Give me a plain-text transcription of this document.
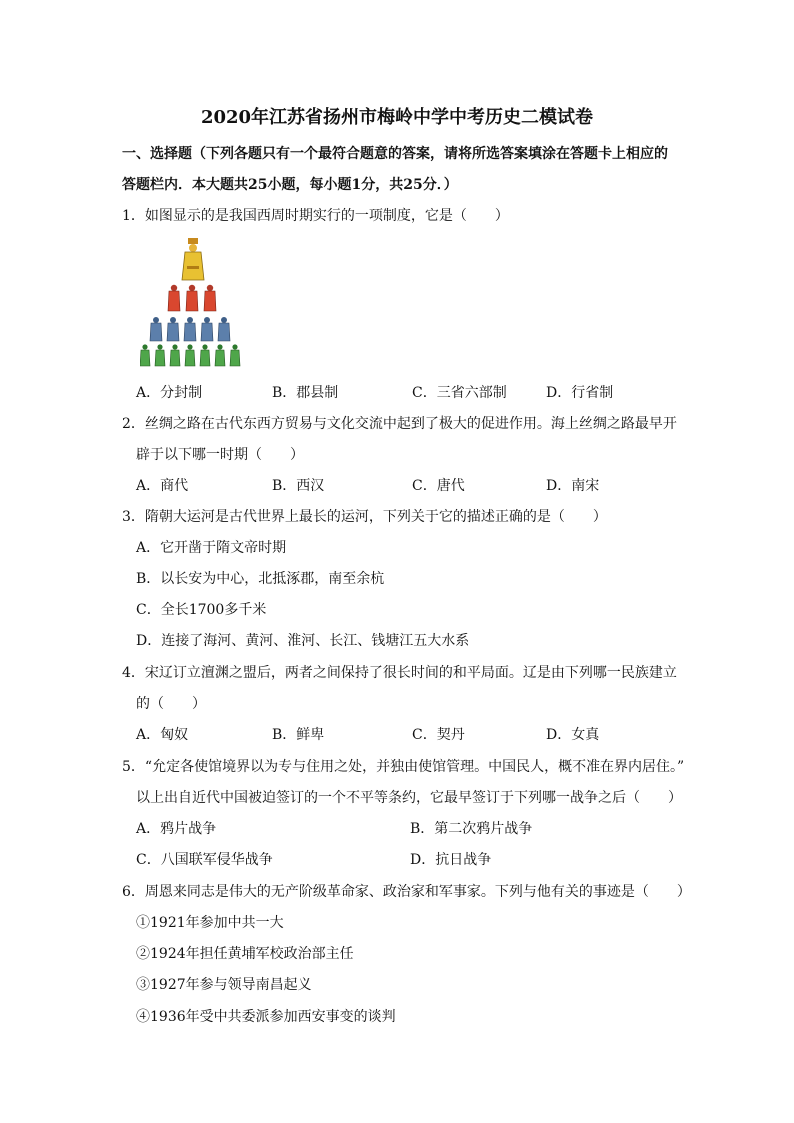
2020年江苏省扬州市梅岭中学中考历史二模试卷
一、选择题（下列各题只有一个最符合题意的答案，请将所选答案填涂在答题卡上相应的
答题栏内．本大题共25小题，每小题1分，共25分．）
1．如图显示的是我国西周时期实行的一项制度，它是（　　）
A．分封制	B．郡县制	C．三省六部制	D．行省制
2．丝绸之路在古代东西方贸易与文化交流中起到了极大的促进作用。海上丝绸之路最早开
辟于以下哪一时期（　　）
A．商代	B．西汉	C．唐代	D．南宋
3．隋朝大运河是古代世界上最长的运河，下列关于它的描述正确的是（　　）
A．它开凿于隋文帝时期
B．以长安为中心，北抵涿郡，南至余杭
C．全长1700多千米
D．连接了海河、黄河、淮河、长江、钱塘江五大水系
4．宋辽订立澶渊之盟后，两者之间保持了很长时间的和平局面。辽是由下列哪一民族建立
的（　　）
A．匈奴	B．鲜卑	C．契丹	D．女真
5．“允定各使馆境界以为专与住用之处，并独由使馆管理。中国民人，概不准在界内居住。”
以上出自近代中国被迫签订的一个不平等条约，它最早签订于下列哪一战争之后（　　）
A．鸦片战争	B．第二次鸦片战争
C．八国联军侵华战争	D．抗日战争
6．周恩来同志是伟大的无产阶级革命家、政治家和军事家。下列与他有关的事迹是（　　）
①1921年参加中共一大
②1924年担任黄埔军校政治部主任
③1927年参与领导南昌起义
④1936年受中共委派参加西安事变的谈判
